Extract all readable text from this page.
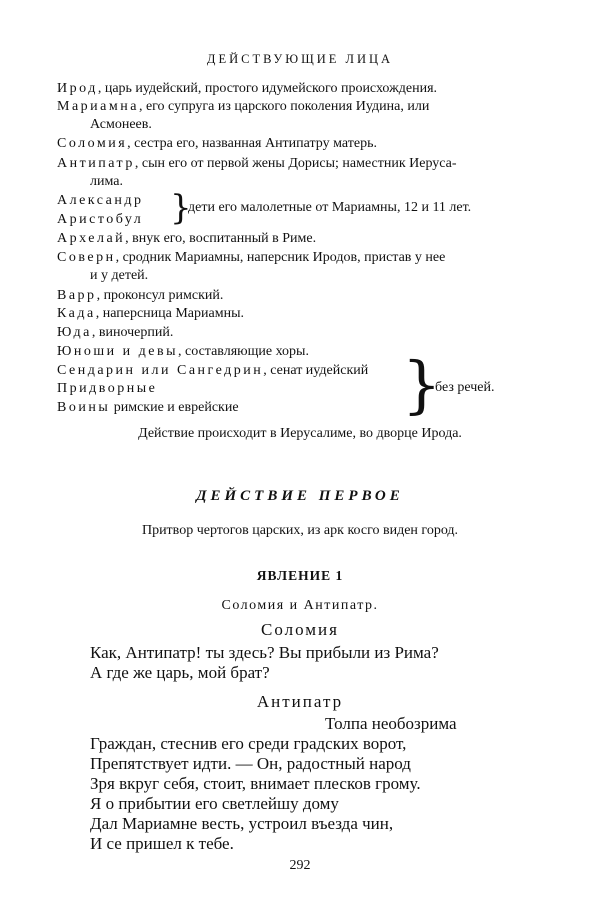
ДЕЙСТВУЮЩИЕ ЛИЦА
Ирод, царь иудейский, простого идумейского происхождения.
Мариамна, его супруга из царского поколения Иудина, или
Асмонеев.
Соломия, сестра его, названная Антипатру матерь.
Антипатр, сын его от первой жены Дорисы; наместник Иеруса-
лима.
Александр
Аристобул }
дети его малолетные от Мариамны, 12 и 11 лет.
Архелай, внук его, воспитанный в Риме.
Соверн, сродник Мариамны, наперсник Иродов, пристав у нее
и у детей.
Варр, проконсул римский.
Када, наперсница Мариамны.
Юда, виночерпий.
Юноши и девы, составляющие хоры.
Сендарин или Сангедрин, сенат иудейский
Придворные
Воины римские и еврейские	}
без речей.
Действие происходит в Иерусалиме, во дворце Ирода.
ДЕЙСТВИЕ ПЕРВОЕ
Притвор чертогов царских, из арк косго виден город.
ЯВЛЕНИЕ 1
Соломия и Антипатр.
Соломия
Как, Антипатр! ты здесь? Вы прибыли из Рима?
А где же царь, мой брат?
Антипатр
Толпа необозрима
Граждан, стеснив его среди градских ворот,
Препятствует идти. — Он, радостный народ
Зря вкруг себя, стоит, внимает плесков грому.
Я о прибытии его светлейшу дому
Дал Мариамне весть, устроил въезда чин,
И се пришел к тебе.
292
